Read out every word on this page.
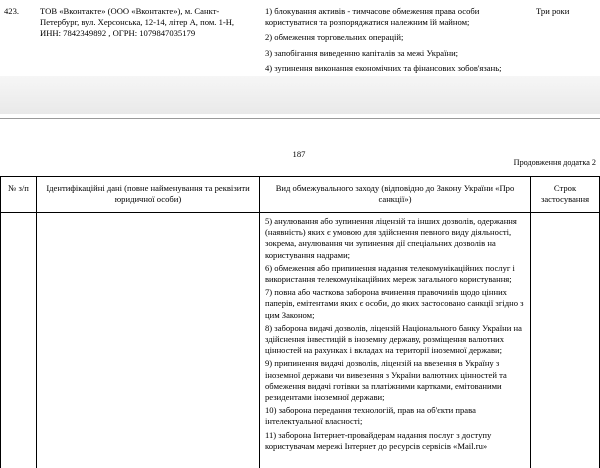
423.	ТОВ «Вконтакте» (ООО «Вконтакте»), м. Санкт-Петербург, вул. Херсонська, 12-14, літер А, пом. 1-Н, ИНН: 7842349892 , ОГРН: 1079847035179
1) блокування активів - тимчасове обмеження права особи користуватися та розпоряджатися належним їй майном;
2) обмеження торговельних операцій;
3) запобігання виведенню капіталів за межі України;
4) зупинення виконання економічних та фінансових зобов'язань;
Три роки
187
Продовження додатка 2
№ з/п	Ідентифікаційні дані (повне найменування та реквізити юридичної особи)
Вид обмежувального заходу (відповідно до Закону України «Про санкції»)
Строк застосування
5) анулювання або зупинення ліцензій та інших дозволів, одержання (наявність) яких є умовою для здійснення певного виду діяльності, зокрема, анулювання чи зупинення дії спеціальних дозволів на користування надрами;
6) обмеження або припинення надання телекомунікаційних послуг і використання телекомунікаційних мереж загального користування;
7) повна або часткова заборона вчинення правочинів щодо цінних паперів, емітентами яких є особи, до яких застосовано санкції згідно з цим Законом;
8) заборона видачі дозволів, ліцензій Національного банку України на здійснення інвестицій в іноземну державу, розміщення валютних цінностей на рахунках і вкладах на території іноземної держави;
9) припинення видачі дозволів, ліцензій на ввезення в Україну з іноземної держави чи вивезення з України валютних цінностей та обмеження видачі готівки за платіжними картками, емітованими резидентами іноземної держави;
10) заборона передання технологій, прав на об'єкти права інтелектуальної власності;
11) заборона Інтернет-провайдерам надання послуг з доступу користувачам мережі Інтернет до ресурсів сервісів «Mail.ru»
